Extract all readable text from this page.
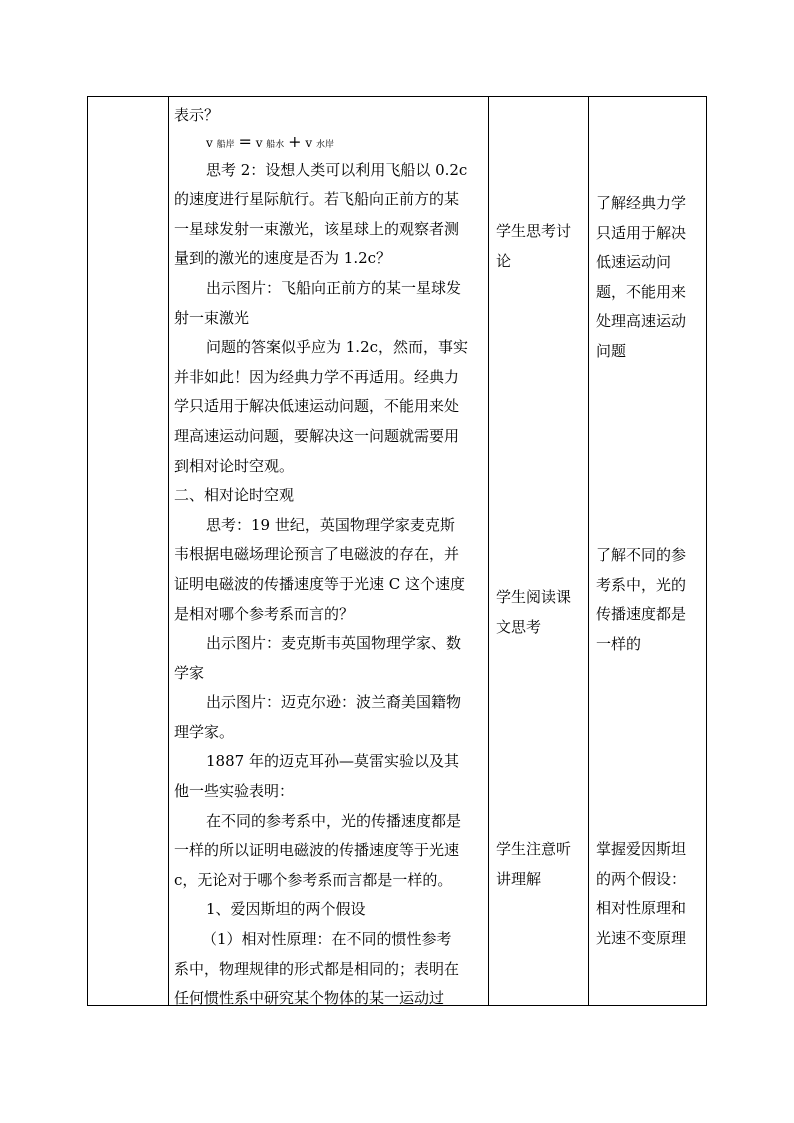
表示？

v 船岸 = v 船水 + v 水岸

思考 2：设想人类可以利用飞船以 0.2c

的速度进行星际航行。若飞船向正前方的某

一星球发射一束激光，该星球上的观察者测

量到的激光的速度是否为 1.2c？

出示图片：飞船向正前方的某一星球发

射一束激光

问题的答案似乎应为 1.2c，然而，事实

并非如此！因为经典力学不再适用。经典力

学只适用于解决低速运动问题，不能用来处

理高速运动问题，要解决这一问题就需要用

到相对论时空观。

二、相对论时空观

思考：19 世纪，英国物理学家麦克斯

韦根据电磁场理论预言了电磁波的存在，并

证明电磁波的传播速度等于光速 C 这个速度

是相对哪个参考系而言的？

出示图片：麦克斯韦英国物理学家、数

学家

出示图片：迈克尔逊：波兰裔美国籍物

理学家。

1887 年的迈克耳孙—莫雷实验以及其

他一些实验表明：

在不同的参考系中，光的传播速度都是

一样的所以证明电磁波的传播速度等于光速

c，无论对于哪个参考系而言都是一样的。

1、爱因斯坦的两个假设

（1）相对性原理：在不同的惯性参考

系中，物理规律的形式都是相同的；表明在

任何惯性系中研究某个物体的某一运动过

学生思考讨

论

学生阅读课

文思考

学生注意听

讲理解

了解经典力学

只适用于解决

低速运动问

题，不能用来

处理高速运动

问题

了解不同的参

考系中，光的

传播速度都是

一样的

掌握爱因斯坦

的两个假设：

相对性原理和

光速不变原理
